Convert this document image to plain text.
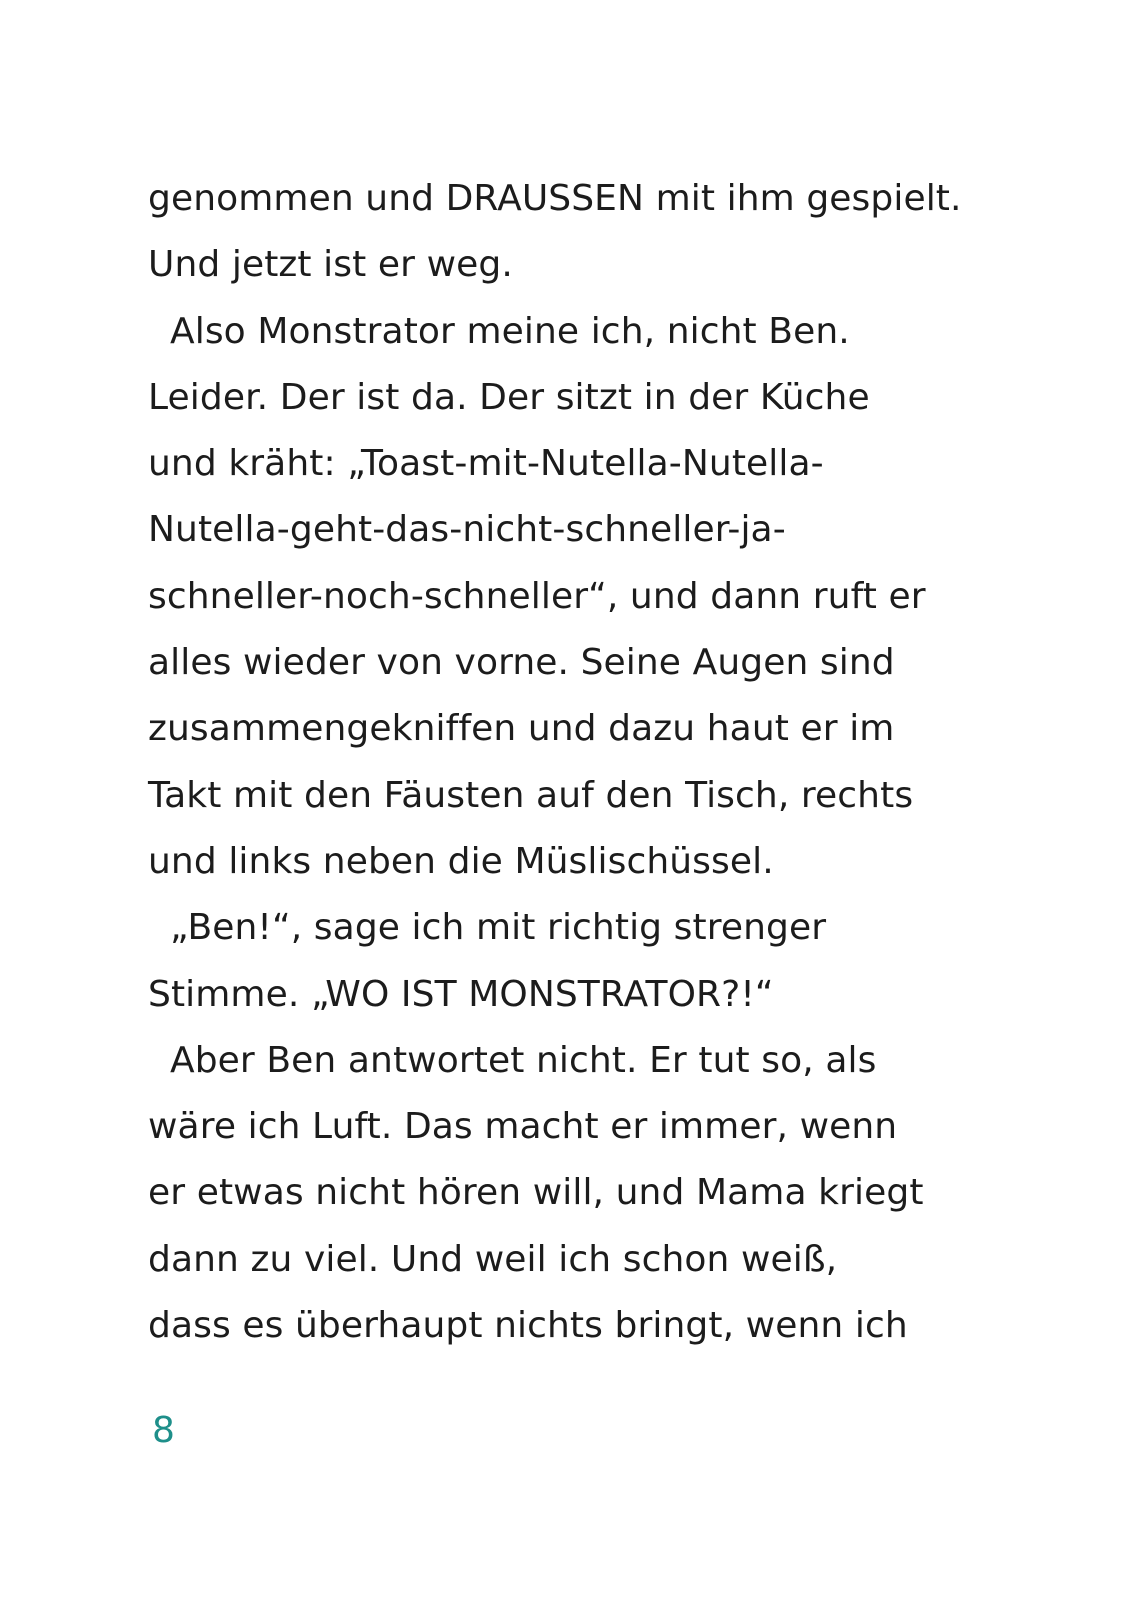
genommen und DRAUSSEN mit ihm gespielt.
Und jetzt ist er weg.
Also Monstrator meine ich, nicht Ben.
Leider. Der ist da. Der sitzt in der Küche
und kräht: „Toast-mit-Nutella-Nutella-
Nutella-geht-das-nicht-schneller-ja-
schneller-noch-schneller“, und dann ruft er
alles wieder von vorne. Seine Augen sind
zusammengekniffen und dazu haut er im
Takt mit den Fäusten auf den Tisch, rechts
und links neben die Müslischüssel.
„Ben!“, sage ich mit richtig strenger
Stimme. „WO IST MONSTRATOR?!“
Aber Ben antwortet nicht. Er tut so, als
wäre ich Luft. Das macht er immer, wenn
er etwas nicht hören will, und Mama kriegt
dann zu viel. Und weil ich schon weiß,
dass es überhaupt nichts bringt, wenn ich
8
